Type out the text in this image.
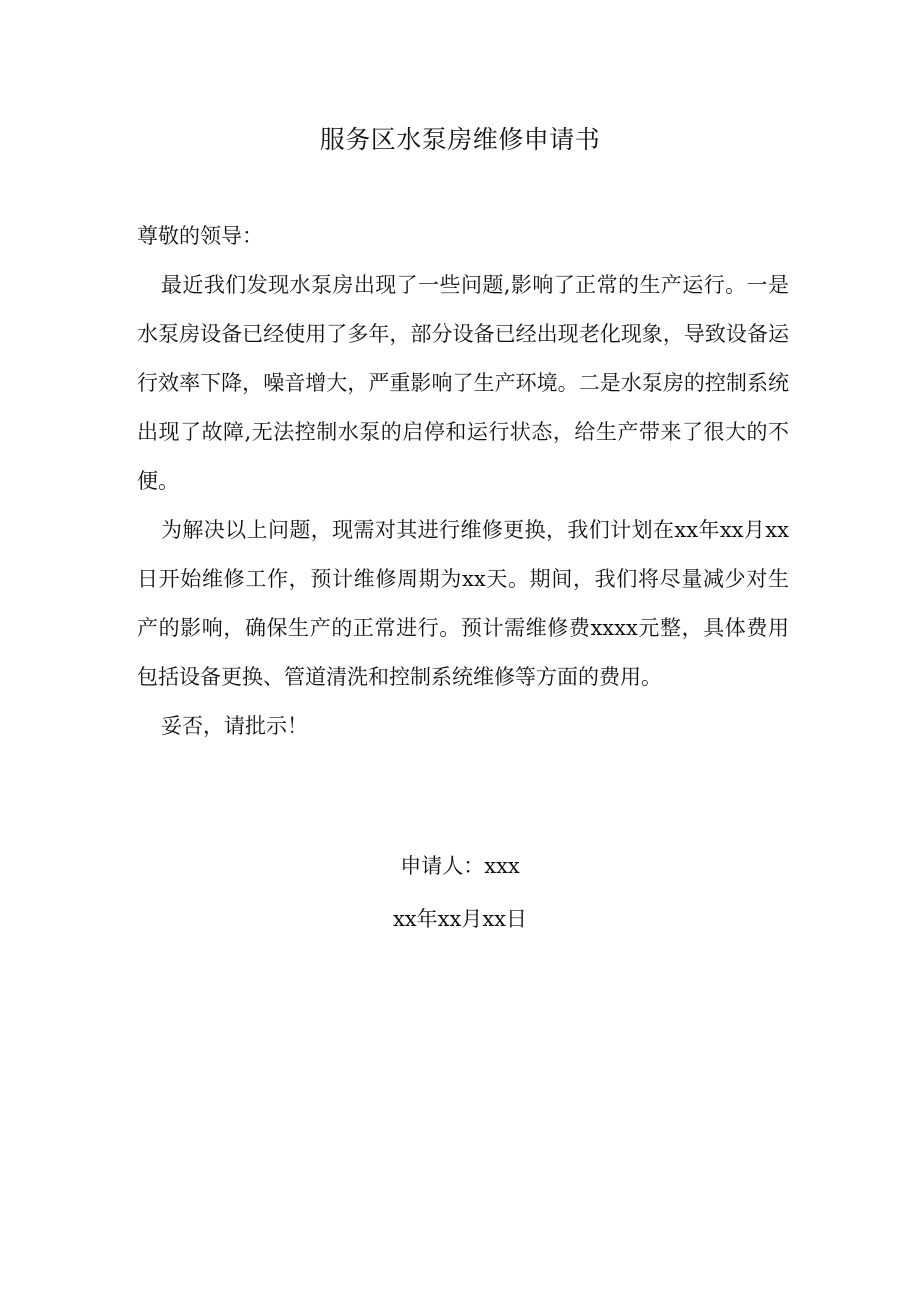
服务区水泵房维修申请书

尊敬的领导：

最近我们发现水泵房出现了一些问题,影响了正常的生产运行。一是水泵房设备已经使用了多年，部分设备已经出现老化现象，导致设备运行效率下降，噪音增大，严重影响了生产环境。二是水泵房的控制系统出现了故障,无法控制水泵的启停和运行状态，给生产带来了很大的不便。

为解决以上问题，现需对其进行维修更换，我们计划在xx年xx月xx日开始维修工作，预计维修周期为xx天。期间，我们将尽量减少对生产的影响，确保生产的正常进行。预计需维修费xxxx元整，具体费用包括设备更换、管道清洗和控制系统维修等方面的费用。

妥否，请批示！

申请人：xxx

xx年xx月xx日
